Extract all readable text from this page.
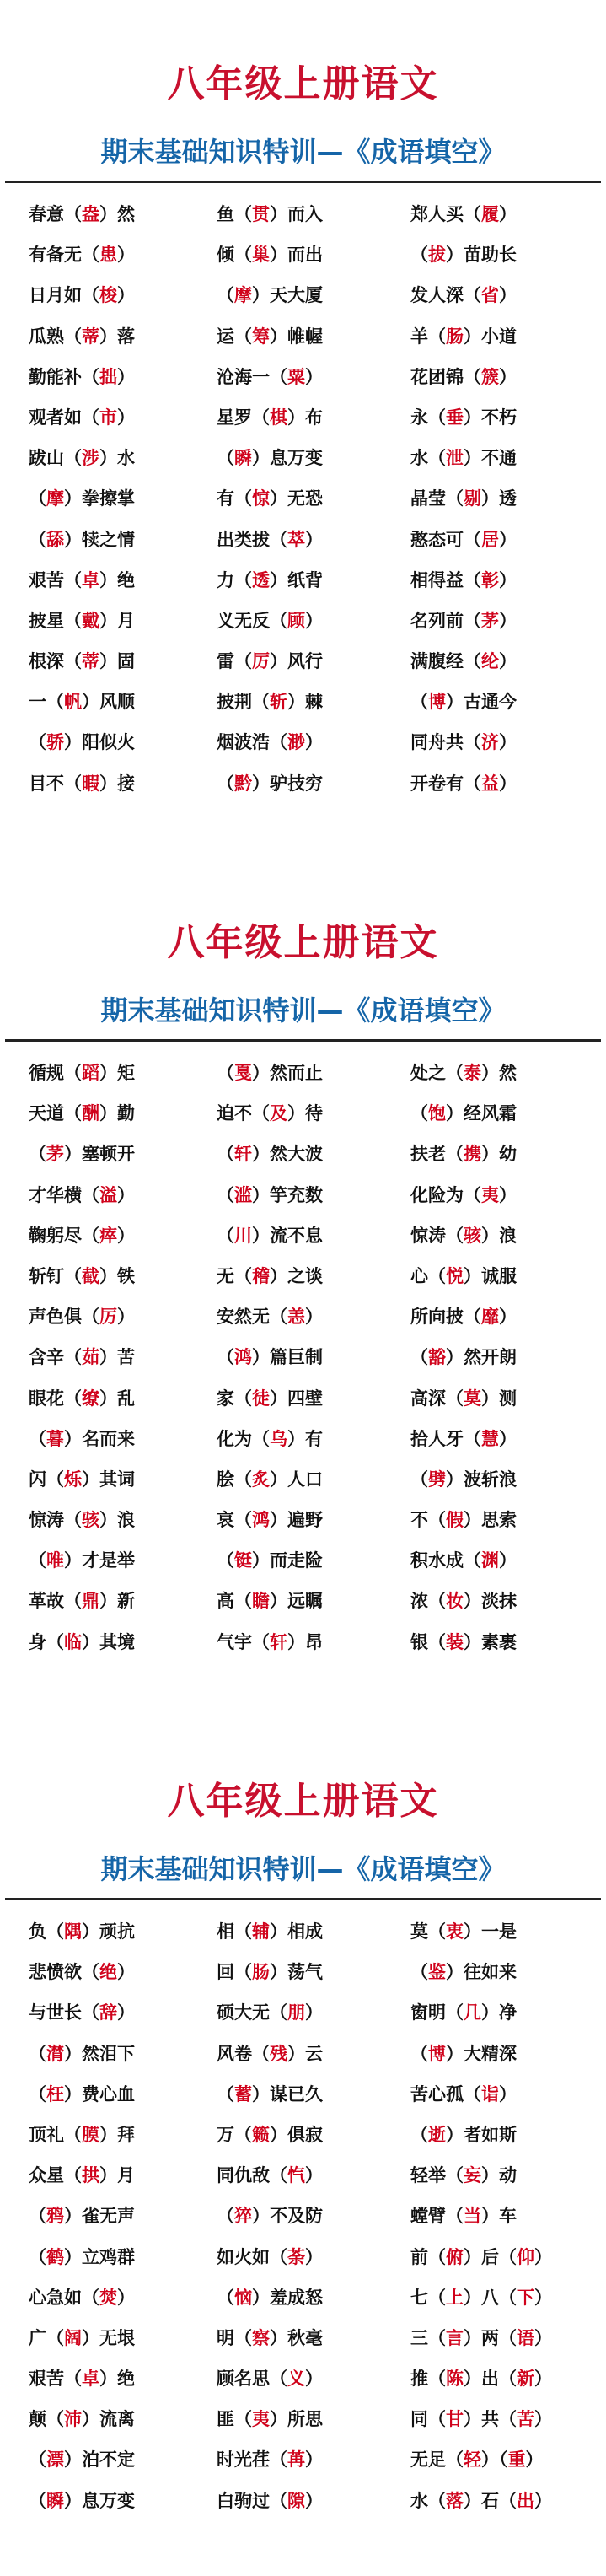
八年级上册语文
期末基础知识特训—《成语填空》
春意（盎）然	鱼（贯）而入	郑人买（履）
有备无（患）	倾（巢）而出	（拔）苗助长
日月如（梭）	（摩）天大厦	发人深（省）
瓜熟（蒂）落	运（筹）帷幄	羊（肠）小道
勤能补（拙）	沧海一（粟）	花团锦（簇）
观者如（市）	星罗（棋）布	永（垂）不朽
跋山（涉）水	（瞬）息万变	水（泄）不通
（摩）拳擦掌	有（惊）无恐	晶莹（剔）透
（舔）犊之情	出类拔（萃）	憨态可（居）
艰苦（卓）绝	力（透）纸背	相得益（彰）
披星（戴）月	义无反（顾）	名列前（茅）
根深（蒂）固	雷（厉）风行	满腹经（纶）
一（帆）风顺	披荆（斩）棘	（博）古通今
（骄）阳似火	烟波浩（渺）	同舟共（济）
目不（暇）接	（黔）驴技穷	开卷有（益）
八年级上册语文
期末基础知识特训—《成语填空》
循规（蹈）矩	（戛）然而止	处之（泰）然
天道（酬）勤	迫不（及）待	（饱）经风霜
（茅）塞顿开	（轩）然大波	扶老（携）幼
才华横（溢）	（滥）竽充数	化险为（夷）
鞠躬尽（瘁）	（川）流不息	惊涛（骇）浪
斩钉（截）铁	无（稽）之谈	心（悦）诚服
声色俱（厉）	安然无（恙）	所向披（靡）
含辛（茹）苦	（鸿）篇巨制	（豁）然开朗
眼花（缭）乱	家（徒）四壁	高深（莫）测
（暮）名而来	化为（乌）有	拾人牙（慧）
闪（烁）其词	脍（炙）人口	（劈）波斩浪
惊涛（骇）浪	哀（鸿）遍野	不（假）思索
（唯）才是举	（铤）而走险	积水成（渊）
革故（鼎）新	高（瞻）远瞩	浓（妆）淡抹
身（临）其境	气宇（轩）昂	银（装）素裹
八年级上册语文
期末基础知识特训—《成语填空》
负（隅）顽抗	相（辅）相成	莫（衷）一是
悲愤欲（绝）	回（肠）荡气	（鉴）往如来
与世长（辞）	硕大无（朋）	窗明（几）净
（潸）然泪下	风卷（残）云	（博）大精深
（枉）费心血	（蓄）谋已久	苦心孤（诣）
顶礼（膜）拜	万（籁）俱寂	（逝）者如斯
众星（拱）月	同仇敌（忾）	轻举（妄）动
（鸦）雀无声	（猝）不及防	螳臂（当）车
（鹤）立鸡群	如火如（荼）	前（俯）后（仰）
心急如（焚）	（恼）羞成怒	七（上）八（下）
广（阔）无垠	明（察）秋毫	三（言）两（语）
艰苦（卓）绝	顾名思（义）	推（陈）出（新）
颠（沛）流离	匪（夷）所思	同（甘）共（苦）
（漂）泊不定	时光荏（苒）	无足（轻）（重）
（瞬）息万变	白驹过（隙）	水（落）石（出）
